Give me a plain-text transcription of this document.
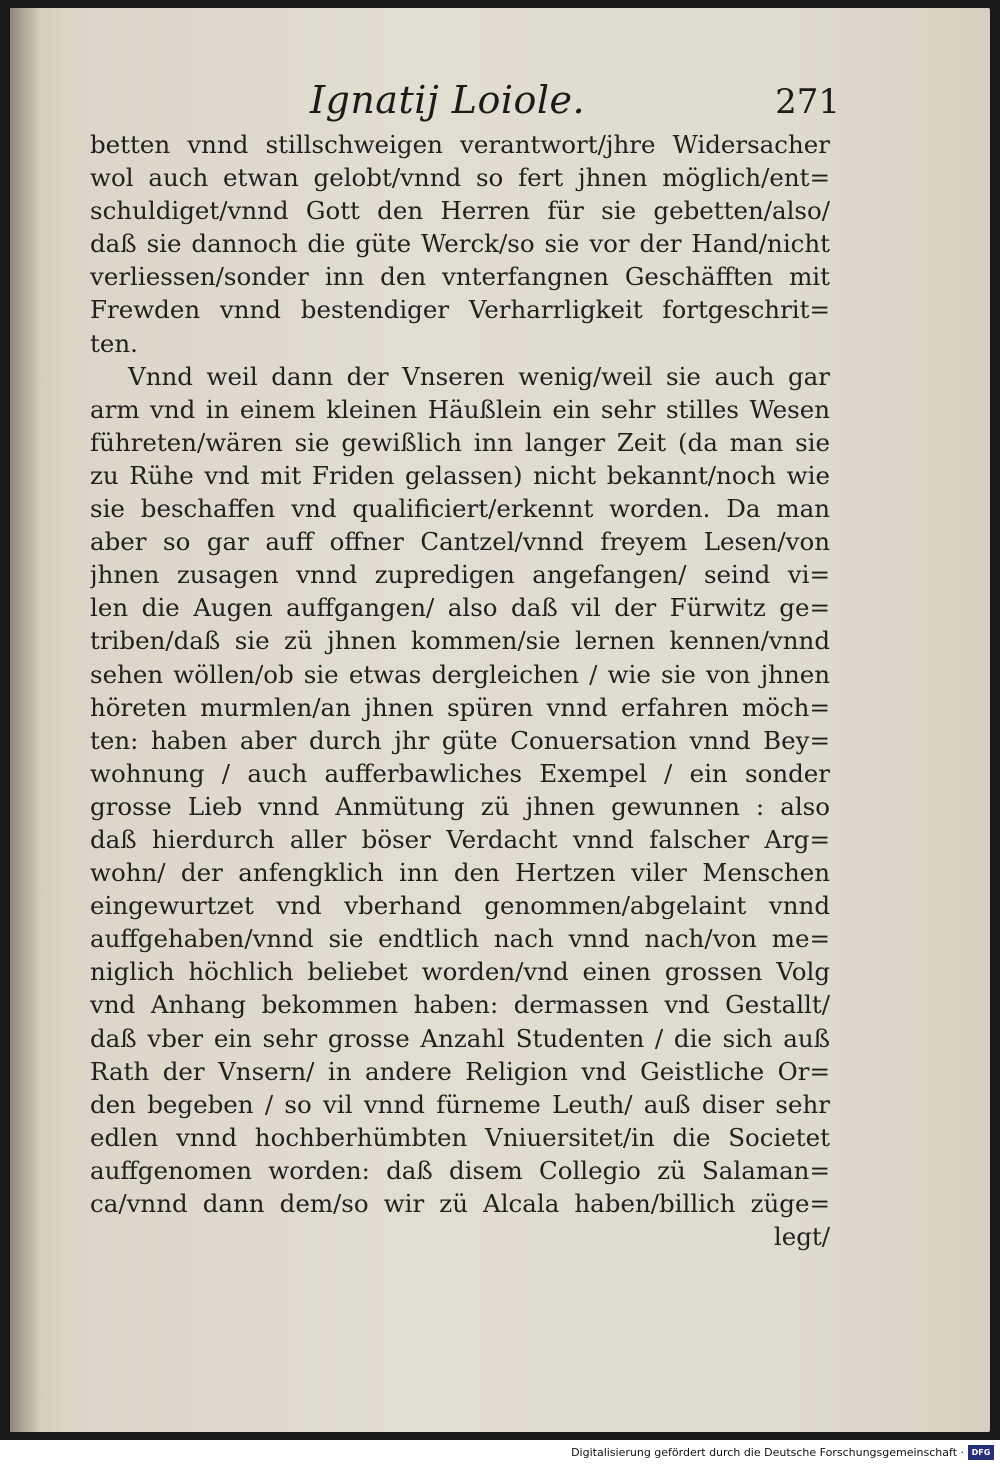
Ignatij Loiole.	271
betten vnnd stillschweigen verantwort/jhre Widersacher
wol auch etwan gelobt/vnnd so fert jhnen möglich/ent=
schuldiget/vnnd Gott den Herren für sie gebetten/also/
daß sie dannoch die güte Werck/so sie vor der Hand/nicht
verliessen/sonder inn den vnterfangnen Geschäfften mit
Frewden vnnd bestendiger Verharrligkeit fortgeschrit=
ten.
Vnnd weil dann der Vnseren wenig/weil sie auch gar
arm vnd in einem kleinen Häußlein ein sehr stilles Wesen
führeten/wären sie gewißlich inn langer Zeit (da man sie
zu Rühe vnd mit Friden gelassen) nicht bekannt/noch wie
sie beschaffen vnd qualificiert/erkennt worden. Da man
aber so gar auff offner Cantzel/vnnd freyem Lesen/von
jhnen zusagen vnnd zupredigen angefangen/ seind vi=
len die Augen auffgangen/ also daß vil der Fürwitz ge=
triben/daß sie zü jhnen kommen/sie lernen kennen/vnnd
sehen wöllen/ob sie etwas dergleichen / wie sie von jhnen
höreten murmlen/an jhnen spüren vnnd erfahren möch=
ten: haben aber durch jhr güte Conuersation vnnd Bey=
wohnung / auch aufferbawliches Exempel / ein sonder
grosse Lieb vnnd Anmütung zü jhnen gewunnen : also
daß hierdurch aller böser Verdacht vnnd falscher Arg=
wohn/ der anfengklich inn den Hertzen viler Menschen
eingewurtzet vnd vberhand genommen/abgelaint vnnd
auffgehaben/vnnd sie endtlich nach vnnd nach/von me=
niglich höchlich beliebet worden/vnd einen grossen Volg
vnd Anhang bekommen haben: dermassen vnd Gestallt/
daß vber ein sehr grosse Anzahl Studenten / die sich auß
Rath der Vnsern/ in andere Religion vnd Geistliche Or=
den begeben / so vil vnnd fürneme Leuth/ auß diser sehr
edlen vnnd hochberhümbten Vniuersitet/in die Societet
auffgenomen worden: daß disem Collegio zü Salaman=
ca/vnnd dann dem/so wir zü Alcala haben/billich züge=
legt/
Digitalisierung gefördert durch die Deutsche Forschungsgemeinschaft · DFG
